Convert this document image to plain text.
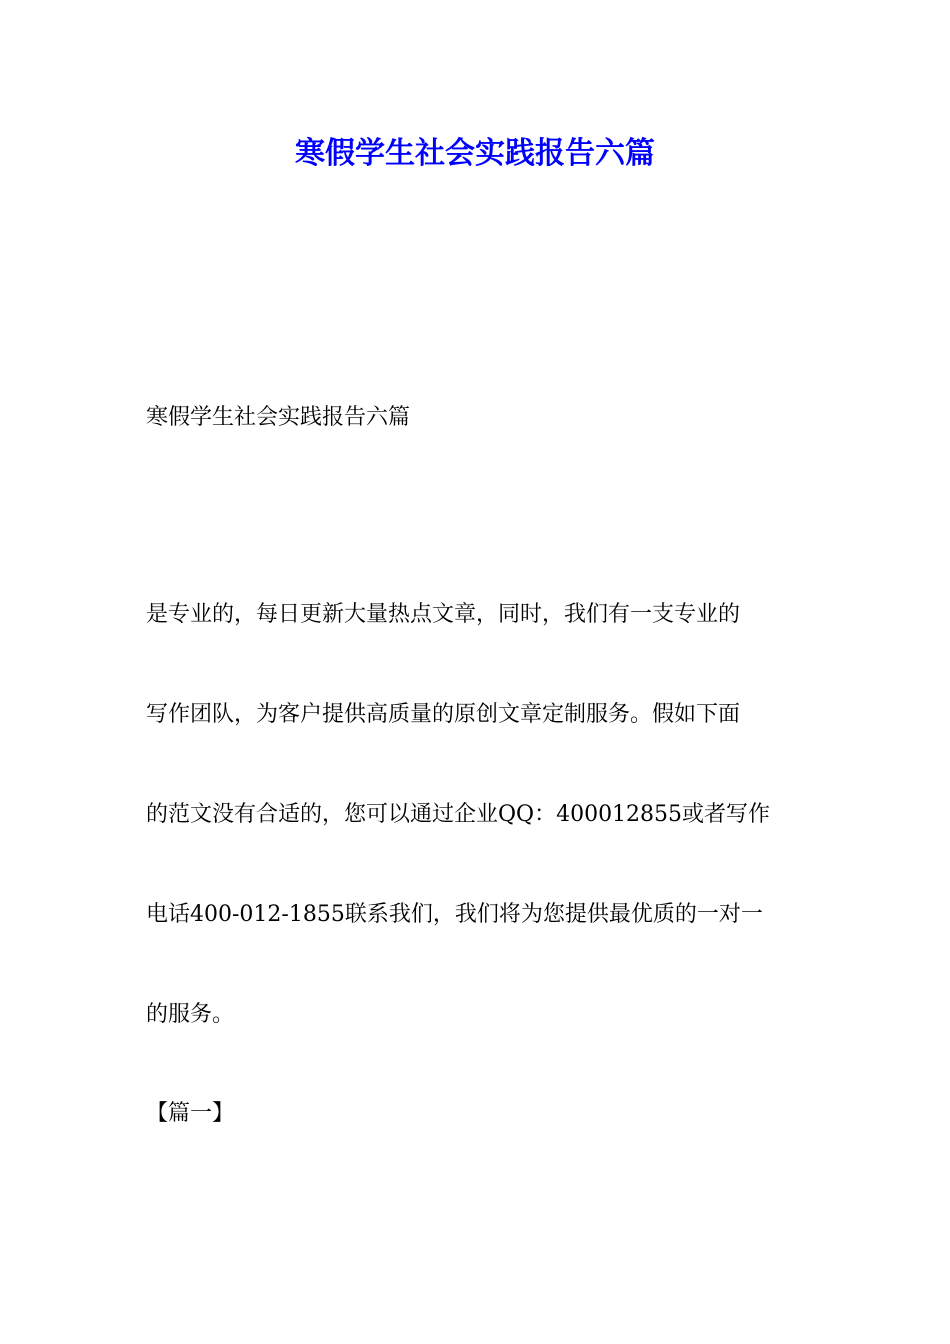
寒假学生社会实践报告六篇

寒假学生社会实践报告六篇

是专业的，每日更新大量热点文章，同时，我们有一支专业的
写作团队，为客户提供高质量的原创文章定制服务。假如下面
的范文没有合适的，您可以通过企业QQ：400012855或者写作
电话400-012-1855联系我们，我们将为您提供最优质的一对一
的服务。

【篇一】
